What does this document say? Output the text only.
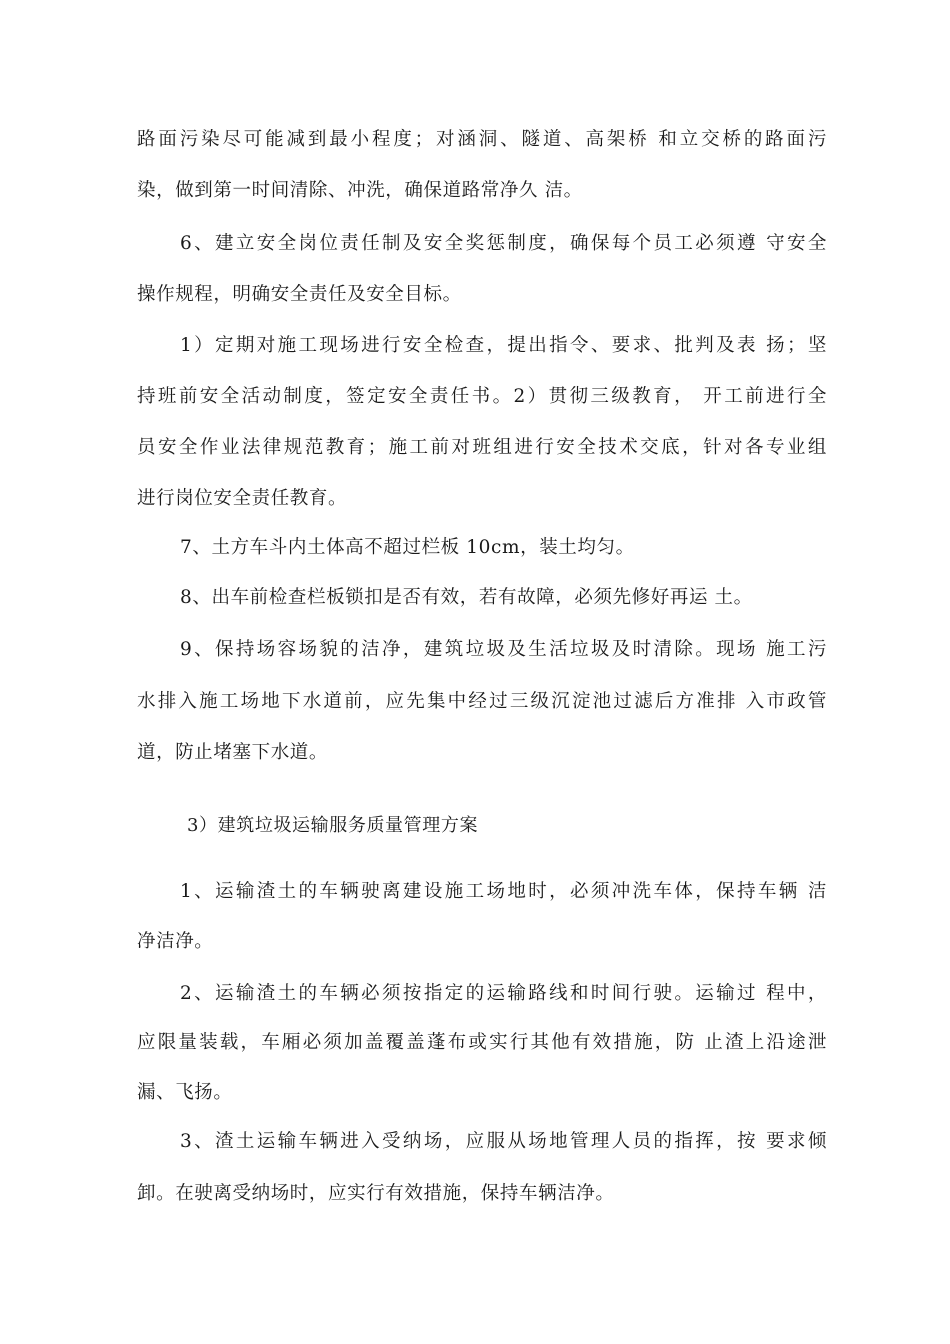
路面污染尽可能减到最小程度；对涵洞、隧道、高架桥 和立交桥的路面污
染，做到第一时间清除、冲洗，确保道路常净久 洁。
6、建立安全岗位责任制及安全奖惩制度，确保每个员工必须遵 守安全
操作规程，明确安全责任及安全目标。
1）定期对施工现场进行安全检查，提出指令、要求、批判及表 扬；坚
持班前安全活动制度，签定安全责任书。2）贯彻三级教育， 开工前进行全
员安全作业法律规范教育；施工前对班组进行安全技术交底，针对各专业组
进行岗位安全责任教育。
7、土方车斗内土体高不超过栏板 10cm，装土均匀。
8、出车前检查栏板锁扣是否有效，若有故障，必须先修好再运 土。
9、保持场容场貌的洁净，建筑垃圾及生活垃圾及时清除。现场 施工污
水排入施工场地下水道前，应先集中经过三级沉淀池过滤后方准排 入市政管
道，防止堵塞下水道。
3）建筑垃圾运输服务质量管理方案
1、运输渣土的车辆驶离建设施工场地时，必须冲洗车体，保持车辆 洁
净洁净。
2、运输渣土的车辆必须按指定的运输路线和时间行驶。运输过 程中，
应限量装载，车厢必须加盖覆盖蓬布或实行其他有效措施，防 止渣上沿途泄
漏、飞扬。
3、渣土运输车辆进入受纳场，应服从场地管理人员的指挥，按 要求倾
卸。在驶离受纳场时，应实行有效措施，保持车辆洁净。
